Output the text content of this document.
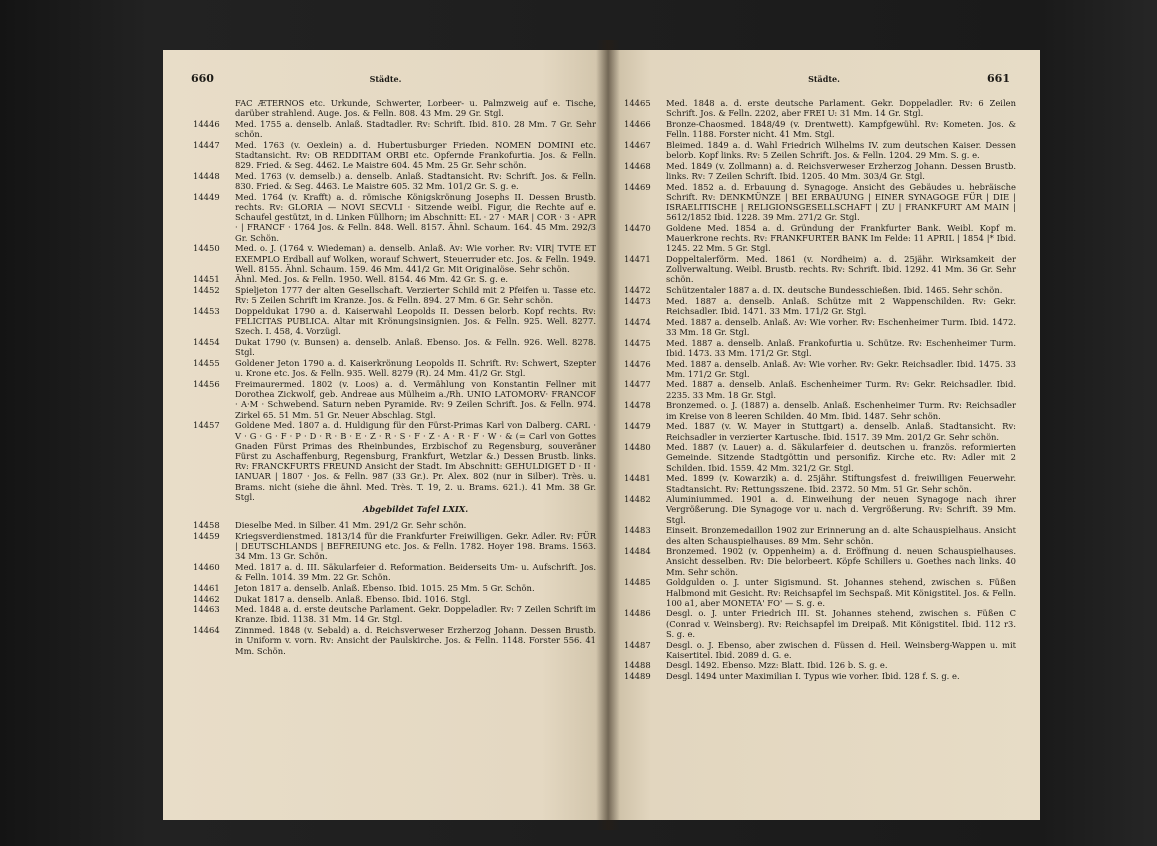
660	Städte.
FAC ÆTERNOS etc. Urkunde, Schwerter, Lorbeer- u. Palmzweig auf e. Tische, darüber strahlend. Auge. Jos. & Felln. 808. 43 Mm. 29 Gr. Stgl.
14446	Med. 1755 a. denselb. Anlaß. Stadtadler. Rv: Schrift. Ibid. 810. 28 Mm. 7 Gr. Sehr schön.
14447	Med. 1763 (v. Oexlein) a. d. Hubertusburger Frieden. NOMEN DOMINI etc. Stadtansicht. Rv: OB REDDITAM ORBI etc. Opfernde Frankofurtia. Jos. & Felln. 829. Fried. & Seg. 4462. Le Maistre 604. 45 Mm. 25 Gr. Sehr schön.
14448	Med. 1763 (v. demselb.) a. denselb. Anlaß. Stadtansicht. Rv: Schrift. Jos. & Felln. 830. Fried. & Seg. 4463. Le Maistre 605. 32 Mm. 101/2 Gr. S. g. e.
14449	Med. 1764 (v. Krafft) a. d. römische Königskrönung Josephs II. Dessen Brustb. rechts. Rv: GLORIA — NOVI SECVLI · Sitzende weibl. Figur, die Rechte auf e. Schaufel gestützt, in d. Linken Füllhorn; im Abschnitt: EL · 27 · MAR | COR · 3 · APR · | FRANCF · 1764 Jos. & Felln. 848. Well. 8157. Ähnl. Schaum. 164. 45 Mm. 292/3 Gr. Schön.
14450	Med. o. J. (1764 v. Wiedeman) a. denselb. Anlaß. Av: Wie vorher. Rv: VIR| TVTE ET EXEMPLO Erdball auf Wolken, worauf Schwert, Steuerruder etc. Jos. & Felln. 1949. Well. 8155. Ähnl. Schaum. 159. 46 Mm. 441/2 Gr. Mit Originalöse. Sehr schön.
14451	Ähnl. Med. Jos. & Felln. 1950. Well. 8154. 46 Mm. 42 Gr. S. g. e.
14452	Spieljeton 1777 der alten Gesellschaft. Verzierter Schild mit 2 Pfeifen u. Tasse etc. Rv: 5 Zeilen Schrift im Kranze. Jos. & Felln. 894. 27 Mm. 6 Gr. Sehr schön.
14453	Doppeldukat 1790 a. d. Kaiserwahl Leopolds II. Dessen belorb. Kopf rechts. Rv: FELICITAS PUBLICA. Altar mit Krönungsinsignien. Jos. & Felln. 925. Well. 8277. Szech. I. 458, 4. Vorzügl.
14454	Dukat 1790 (v. Bunsen) a. denselb. Anlaß. Ebenso. Jos. & Felln. 926. Well. 8278. Stgl.
14455	Goldener Jeton 1790 a. d. Kaiserkrönung Leopolds II. Schrift. Rv: Schwert, Szepter u. Krone etc. Jos. & Felln. 935. Well. 8279 (R). 24 Mm. 41/2 Gr. Stgl.
14456	Freimaurermed. 1802 (v. Loos) a. d. Vermählung von Konstantin Fellner mit Dorothea Zickwolf, geb. Andreae aus Mülheim a./Rh. UNIO LATOMORV· FRANCOF · A·M · Schwebend. Saturn neben Pyramide. Rv: 9 Zeilen Schrift. Jos. & Felln. 974. Zirkel 65. 51 Mm. 51 Gr. Neuer Abschlag. Stgl.
14457	Goldene Med. 1807 a. d. Huldigung für den Fürst-Primas Karl von Dalberg. CARL · V · G · G · F · P · D · R · B · E · Z · R · S · F · Z · A · R · F · W · & (= Carl von Gottes Gnaden Fürst Primas des Rheinbundes, Erzbischof zu Regensburg, souveräner Fürst zu Aschaffenburg, Regensburg, Frankfurt, Wetzlar &.) Dessen Brustb. links. Rv: FRANCKFURTS FREUND Ansicht der Stadt. Im Abschnitt: GEHULDIGET D · II · IANUAR | 1807 · Jos. & Felln. 987 (33 Gr.). Pr. Alex. 802 (nur in Silber). Très. u. Brams. nicht (siehe die ähnl. Med. Très. T. 19, 2. u. Brams. 621.). 41 Mm. 38 Gr. Stgl.
Abgebildet Tafel LXIX.
14458	Dieselbe Med. in Silber. 41 Mm. 291/2 Gr. Sehr schön.
14459	Kriegsverdienstmed. 1813/14 für die Frankfurter Freiwilligen. Gekr. Adler. Rv: FÜR | DEUTSCHLANDS | BEFREIUNG etc. Jos. & Felln. 1782. Hoyer 198. Brams. 1563. 34 Mm. 13 Gr. Schön.
14460	Med. 1817 a. d. III. Säkularfeier d. Reformation. Beiderseits Um- u. Aufschrift. Jos. & Felln. 1014. 39 Mm. 22 Gr. Schön.
14461	Jeton 1817 a. denselb. Anlaß. Ebenso. Ibid. 1015. 25 Mm. 5 Gr. Schön.
14462	Dukat 1817 a. denselb. Anlaß. Ebenso. Ibid. 1016. Stgl.
14463	Med. 1848 a. d. erste deutsche Parlament. Gekr. Doppeladler. Rv: 7 Zeilen Schrift im Kranze. Ibid. 1138. 31 Mm. 14 Gr. Stgl.
14464	Zinnmed. 1848 (v. Sebald) a. d. Reichsverweser Erzherzog Johann. Dessen Brustb. in Uniform v. vorn. Rv: Ansicht der Paulskirche. Jos. & Felln. 1148. Forster 556. 41 Mm. Schön.
Städte.	661
14465	Med. 1848 a. d. erste deutsche Parlament. Gekr. Doppeladler. Rv: 6 Zeilen Schrift. Jos. & Felln. 2202, aber FREI U: 31 Mm. 14 Gr. Stgl.
14466	Bronze-Chaosmed. 1848/49 (v. Drentwett). Kampfgewühl. Rv: Kometen. Jos. & Felln. 1188. Forster nicht. 41 Mm. Stgl.
14467	Bleimed. 1849 a. d. Wahl Friedrich Wilhelms IV. zum deutschen Kaiser. Dessen belorb. Kopf links. Rv: 5 Zeilen Schrift. Jos. & Felln. 1204. 29 Mm. S. g. e.
14468	Med. 1849 (v. Zollmann) a. d. Reichsverweser Erzherzog Johann. Dessen Brustb. links. Rv: 7 Zeilen Schrift. Ibid. 1205. 40 Mm. 303/4 Gr. Stgl.
14469	Med. 1852 a. d. Erbauung d. Synagoge. Ansicht des Gebäudes u. hebräische Schrift. Rv: DENKMÜNZE | BEI ERBAUUNG | EINER SYNAGOGE FÜR | DIE | ISRAELITISCHE | RELIGIONSGESELLSCHAFT | ZU | FRANKFURT AM MAIN | 5612/1852 Ibid. 1228. 39 Mm. 271/2 Gr. Stgl.
14470	Goldene Med. 1854 a. d. Gründung der Frankfurter Bank. Weibl. Kopf m. Mauerkrone rechts. Rv: FRANKFURTER BANK Im Felde: 11 APRIL | 1854 |* Ibid. 1245. 22 Mm. 5 Gr. Stgl.
14471	Doppeltalerförm. Med. 1861 (v. Nordheim) a. d. 25jähr. Wirksamkeit der Zollverwaltung. Weibl. Brustb. rechts. Rv: Schrift. Ibid. 1292. 41 Mm. 36 Gr. Sehr schön.
14472	Schützentaler 1887 a. d. IX. deutsche Bundesschießen. Ibid. 1465. Sehr schön.
14473	Med. 1887 a. denselb. Anlaß. Schütze mit 2 Wappenschilden. Rv: Gekr. Reichsadler. Ibid. 1471. 33 Mm. 171/2 Gr. Stgl.
14474	Med. 1887 a. denselb. Anlaß. Av: Wie vorher. Rv: Eschenheimer Turm. Ibid. 1472. 33 Mm. 18 Gr. Stgl.
14475	Med. 1887 a. denselb. Anlaß. Frankofurtia u. Schütze. Rv: Eschenheimer Turm. Ibid. 1473. 33 Mm. 171/2 Gr. Stgl.
14476	Med. 1887 a. denselb. Anlaß. Av: Wie vorher. Rv: Gekr. Reichsadler. Ibid. 1475. 33 Mm. 171/2 Gr. Stgl.
14477	Med. 1887 a. denselb. Anlaß. Eschenheimer Turm. Rv: Gekr. Reichsadler. Ibid. 2235. 33 Mm. 18 Gr. Stgl.
14478	Bronzemed. o. J. (1887) a. denselb. Anlaß. Eschenheimer Turm. Rv: Reichsadler im Kreise von 8 leeren Schilden. 40 Mm. Ibid. 1487. Sehr schön.
14479	Med. 1887 (v. W. Mayer in Stuttgart) a. denselb. Anlaß. Stadtansicht. Rv: Reichsadler in verzierter Kartusche. Ibid. 1517. 39 Mm. 201/2 Gr. Sehr schön.
14480	Med. 1887 (v. Lauer) a. d. Säkularfeier d. deutschen u. französ. reformierten Gemeinde. Sitzende Stadtgöttin und personifiz. Kirche etc. Rv: Adler mit 2 Schilden. Ibid. 1559. 42 Mm. 321/2 Gr. Stgl.
14481	Med. 1899 (v. Kowarzik) a. d. 25jähr. Stiftungsfest d. freiwilligen Feuerwehr. Stadtansicht. Rv: Rettungsszene. Ibid. 2372. 50 Mm. 51 Gr. Sehr schön.
14482	Aluminiummed. 1901 a. d. Einweihung der neuen Synagoge nach ihrer Vergrößerung. Die Synagoge vor u. nach d. Vergrößerung. Rv: Schrift. 39 Mm. Stgl.
14483	Einseit. Bronzemedaillon 1902 zur Erinnerung an d. alte Schauspielhaus. Ansicht des alten Schauspielhauses. 89 Mm. Sehr schön.
14484	Bronzemed. 1902 (v. Oppenheim) a. d. Eröffnung d. neuen Schauspielhauses. Ansicht desselben. Rv: Die belorbeert. Köpfe Schillers u. Goethes nach links. 40 Mm. Sehr schön.
14485	Goldgulden o. J. unter Sigismund. St. Johannes stehend, zwischen s. Füßen Halbmond mit Gesicht. Rv: Reichsapfel im Sechspaß. Mit Königstitel. Jos. & Felln. 100 a1, aber MONETA' FO' — S. g. e.
14486	Desgl. o. J. unter Friedrich III. St. Johannes stehend, zwischen s. Füßen C (Conrad v. Weinsberg). Rv: Reichsapfel im Dreipaß. Mit Königstitel. Ibid. 112 r3. S. g. e.
14487	Desgl. o. J. Ebenso, aber zwischen d. Füssen d. Heil. Weinsberg-Wappen u. mit Kaisertitel. Ibid. 2089 d. G. e.
14488	Desgl. 1492. Ebenso. Mzz: Blatt. Ibid. 126 b. S. g. e.
14489	Desgl. 1494 unter Maximilian I. Typus wie vorher. Ibid. 128 f. S. g. e.
